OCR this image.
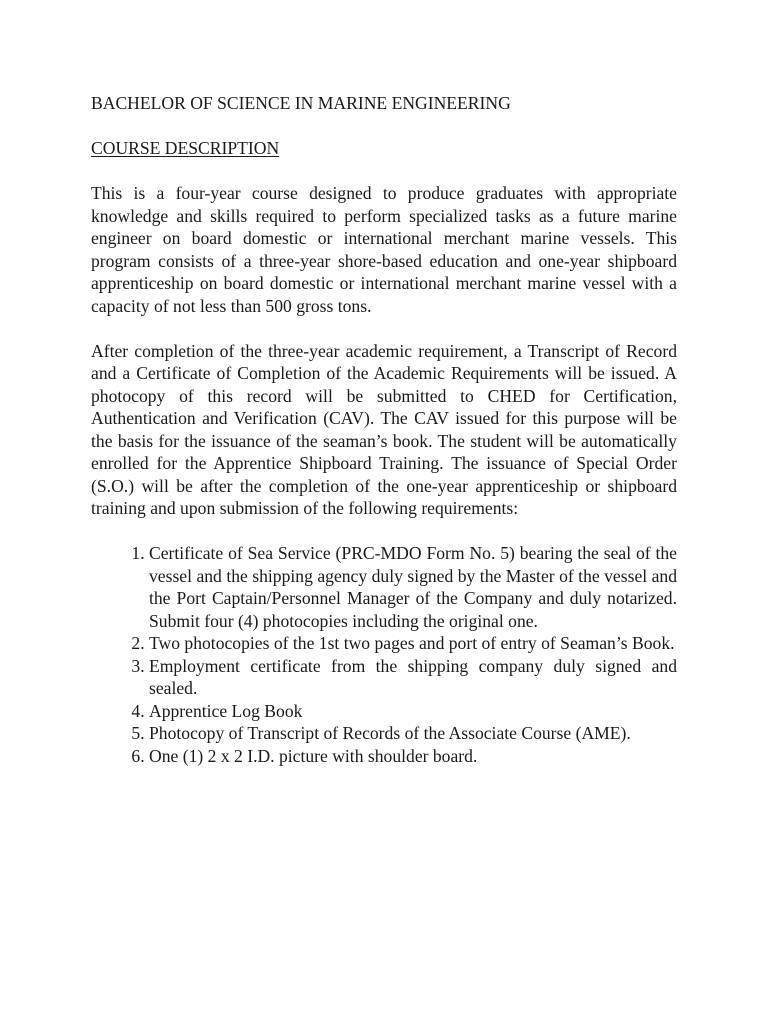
BACHELOR OF SCIENCE IN MARINE ENGINEERING
COURSE DESCRIPTION

This is a four-year course designed to produce graduates with appropriate knowledge and skills required to perform specialized tasks as a future marine engineer on board domestic or international merchant marine vessels. This program consists of a three-year shore-based education and one-year shipboard apprenticeship on board domestic or international merchant marine vessel with a capacity of not less than 500 gross tons.

After completion of the three-year academic requirement, a Transcript of Record and a Certificate of Completion of the Academic Requirements will be issued. A photocopy of this record will be submitted to CHED for Certification, Authentication and Verification (CAV). The CAV issued for this purpose will be the basis for the issuance of the seaman’s book. The student will be automatically enrolled for the Apprentice Shipboard Training. The issuance of Special Order (S.O.) will be after the completion of the one-year apprenticeship or shipboard training and upon submission of the following requirements:

1. Certificate of Sea Service (PRC-MDO Form No. 5) bearing the seal of the vessel and the shipping agency duly signed by the Master of the vessel and the Port Captain/Personnel Manager of the Company and duly notarized. Submit four (4) photocopies including the original one.
2. Two photocopies of the 1st two pages and port of entry of Seaman’s Book.
3. Employment certificate from the shipping company duly signed and sealed.
4. Apprentice Log Book
5. Photocopy of Transcript of Records of the Associate Course (AME).
6. One (1) 2 x 2 I.D. picture with shoulder board.
